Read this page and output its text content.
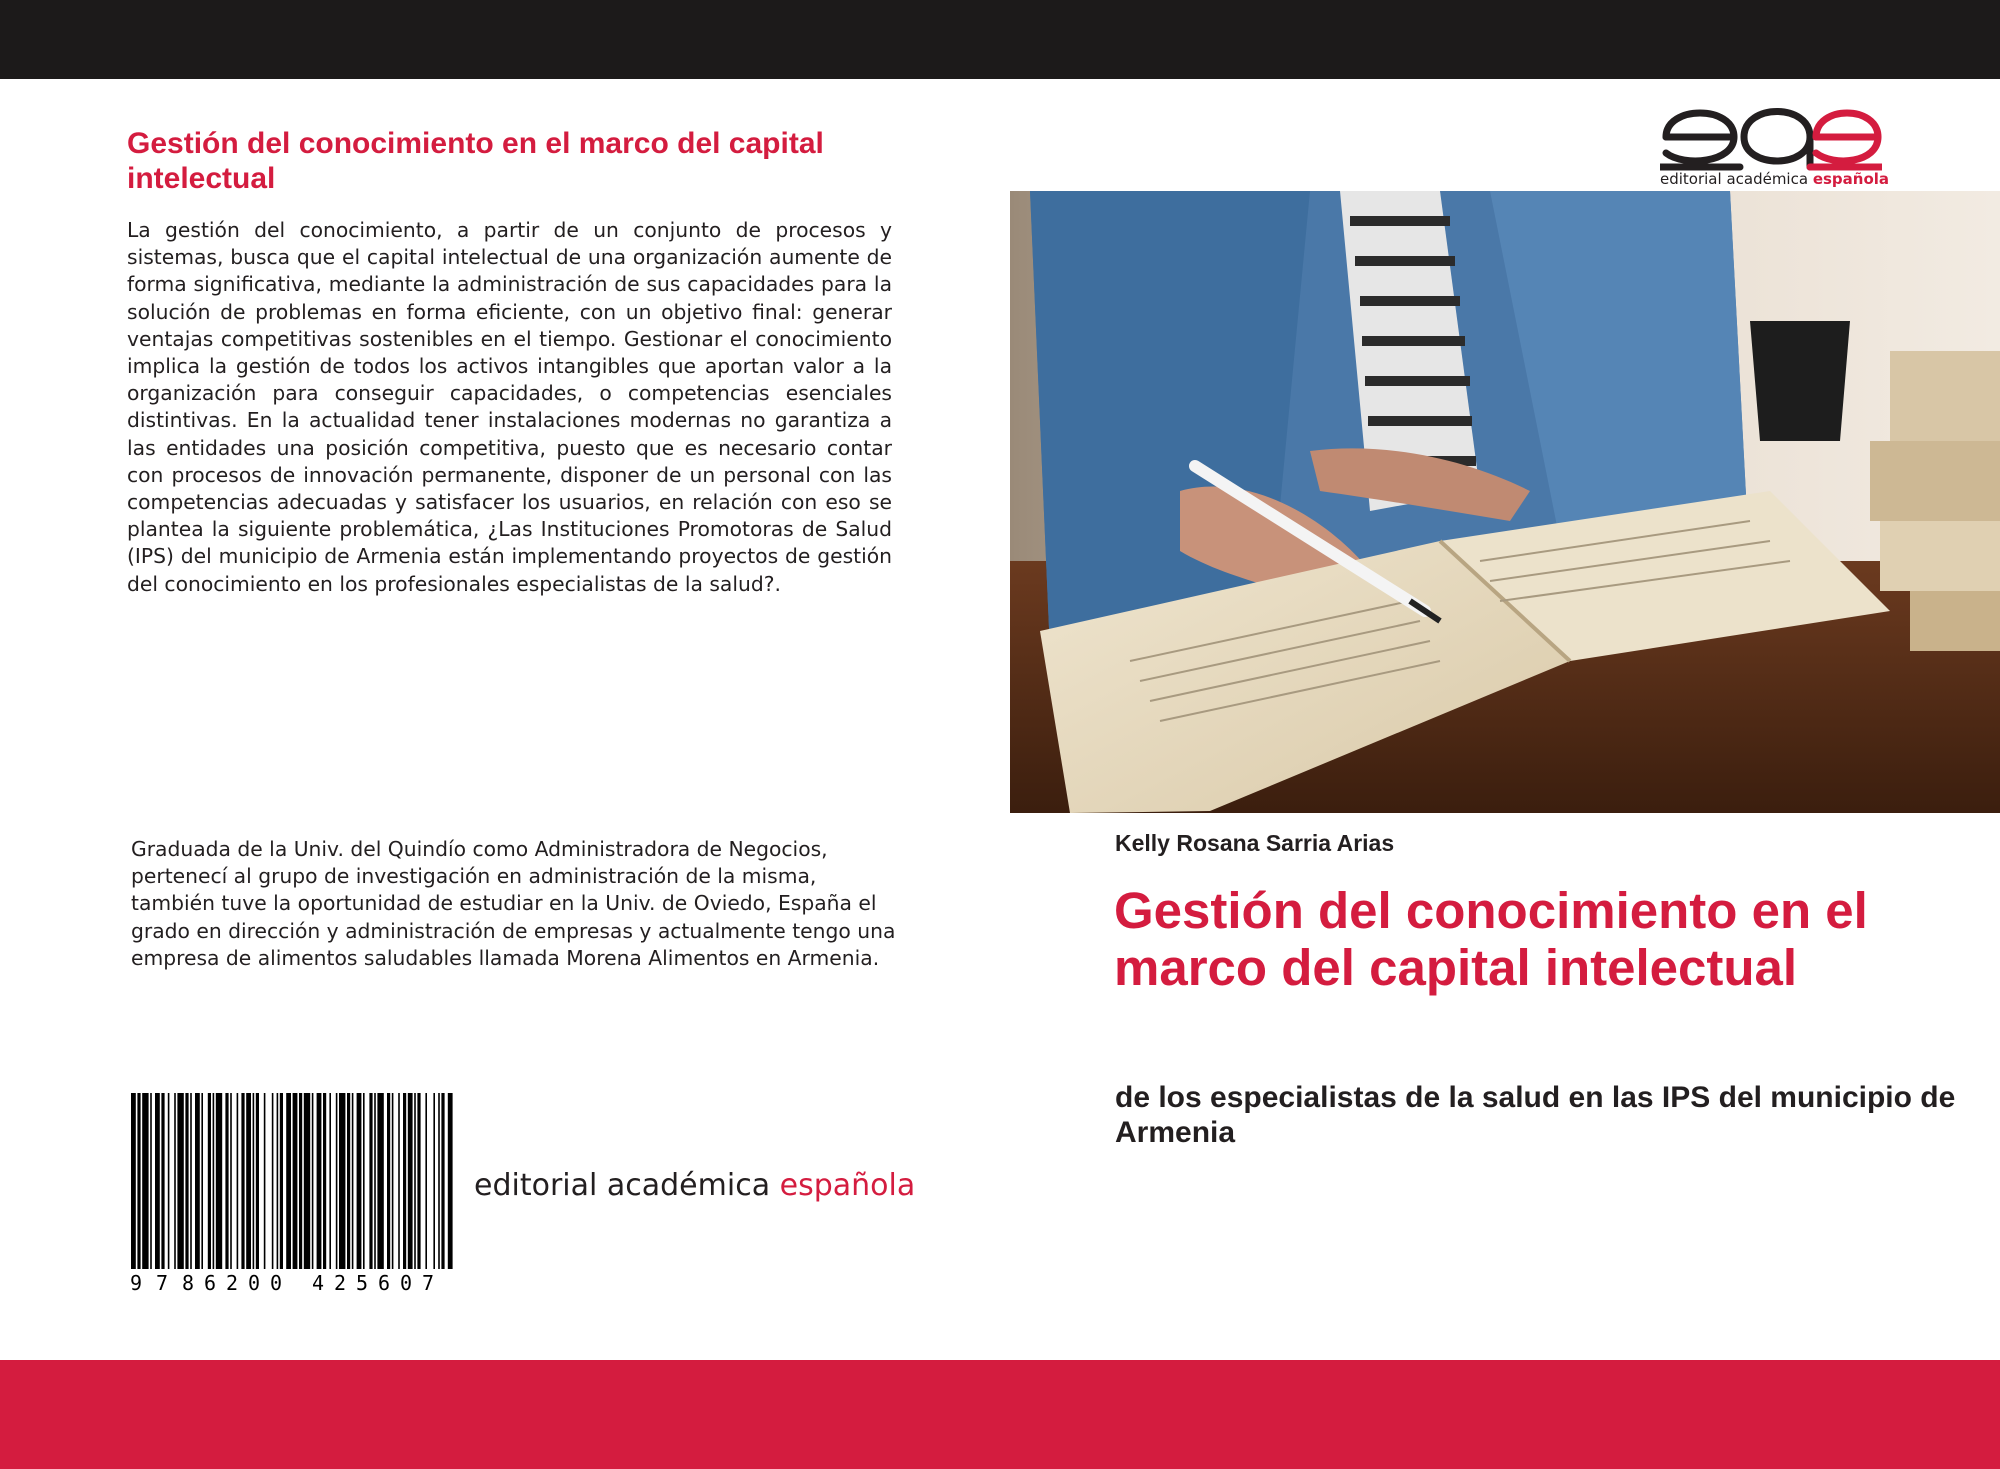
Gestión del conocimiento en el marco del capital intelectual

La gestión del conocimiento, a partir de un conjunto de procesos y sistemas, busca que el capital intelectual de una organización aumente de forma significativa, mediante la administración de sus capacidades para la solución de problemas en forma eficiente, con un objetivo final: generar ventajas competitivas sostenibles en el tiempo. Gestionar el conocimiento implica la gestión de todos los activos intangibles que aportan valor a la organización para conseguir capacidades, o competencias esenciales distintivas. En la actualidad tener instalaciones modernas no garantiza a las entidades una posición competitiva, puesto que es necesario contar con procesos de innovación permanente, disponer de un personal con las competencias adecuadas y satisfacer los usuarios, en relación con eso se plantea la siguiente problemática, ¿Las Instituciones Promotoras de Salud (IPS) del municipio de Armenia están implementando proyectos de gestión del conocimiento en los profesionales especialistas de la salud?.

Graduada de la Univ. del Quindío como Administradora de Negocios, pertenecí al grupo de investigación en administración de la misma, también tuve la oportunidad de estudiar en la Univ. de Oviedo, España el grado en dirección y administración de empresas y actualmente tengo una empresa de alimentos saludables llamada Morena Alimentos en Armenia.

9 7 8 6 2 0 0 4 2 5 6 0 7
editorial académica española
editorial académica española
Kelly Rosana Sarria Arias
Gestión del conocimiento en el marco del capital intelectual
de los especialistas de la salud en las IPS del municipio de Armenia
